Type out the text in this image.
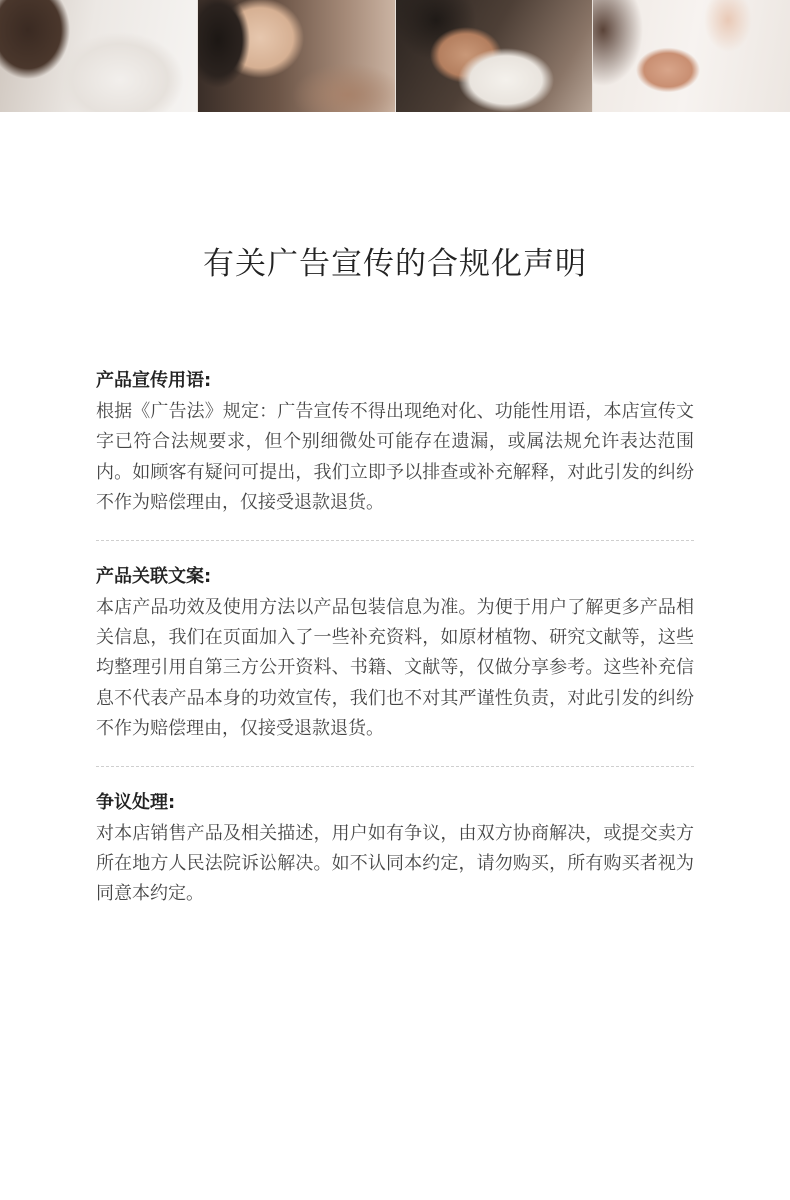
有关广告宣传的合规化声明

产品宣传用语:

根据《广告法》规定：广告宣传不得出现绝对化、功能性用语，本店宣传文字已符合法规要求，但个别细微处可能存在遗漏，或属法规允许表达范围内。如顾客有疑问可提出，我们立即予以排查或补充解释，对此引发的纠纷不作为赔偿理由，仅接受退款退货。

产品关联文案:

本店产品功效及使用方法以产品包装信息为准。为便于用户了解更多产品相关信息，我们在页面加入了一些补充资料，如原材植物、研究文献等，这些均整理引用自第三方公开资料、书籍、文献等，仅做分享参考。这些补充信息不代表产品本身的功效宣传，我们也不对其严谨性负责，对此引发的纠纷不作为赔偿理由，仅接受退款退货。

争议处理:

对本店销售产品及相关描述，用户如有争议，由双方协商解决，或提交卖方所在地方人民法院诉讼解决。如不认同本约定，请勿购买，所有购买者视为同意本约定。
